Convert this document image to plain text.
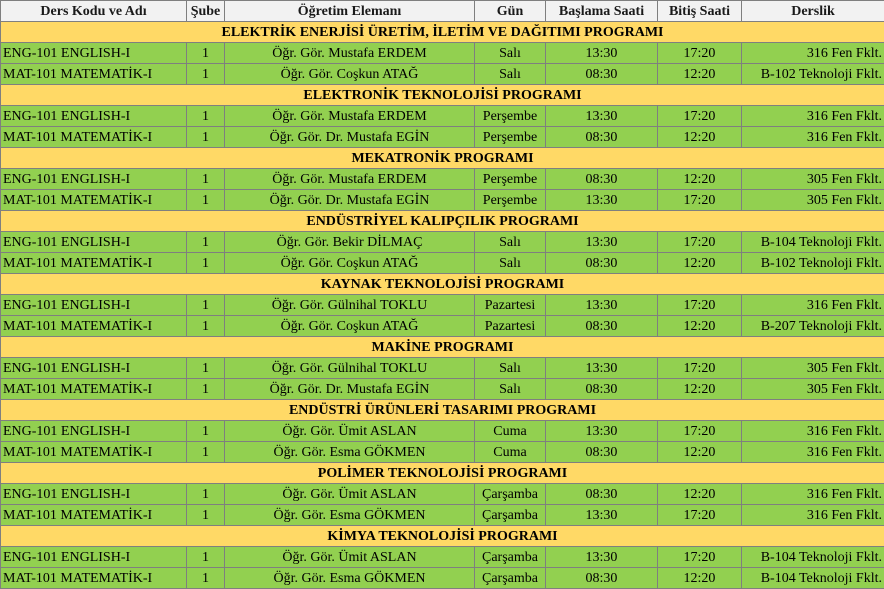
Ders Kodu ve Adı	Şube	Öğretim Elemanı	Gün	Başlama Saati	Bitiş Saati	Derslik
ELEKTRİK ENERJİSİ ÜRETİM, İLETİM VE DAĞITIMI PROGRAMI						
ENG-101 ENGLISH-I	1	Öğr. Gör. Mustafa ERDEM	Salı	13:30	17:20	316 Fen Fklt.
MAT-101 MATEMATİK-I	1	Öğr. Gör. Coşkun ATAĞ	Salı	08:30	12:20	B-102 Teknoloji Fklt.
ELEKTRONİK TEKNOLOJİSİ PROGRAMI						
ENG-101 ENGLISH-I	1	Öğr. Gör. Mustafa ERDEM	Perşembe	13:30	17:20	316 Fen Fklt.
MAT-101 MATEMATİK-I	1	Öğr. Gör. Dr. Mustafa EGİN	Perşembe	08:30	12:20	316 Fen Fklt.
MEKATRONİK PROGRAMI						
ENG-101 ENGLISH-I	1	Öğr. Gör. Mustafa ERDEM	Perşembe	08:30	12:20	305 Fen Fklt.
MAT-101 MATEMATİK-I	1	Öğr. Gör. Dr. Mustafa EGİN	Perşembe	13:30	17:20	305 Fen Fklt.
ENDÜSTRİYEL KALIPÇILIK PROGRAMI						
ENG-101 ENGLISH-I	1	Öğr. Gör. Bekir DİLMAÇ	Salı	13:30	17:20	B-104 Teknoloji Fklt.
MAT-101 MATEMATİK-I	1	Öğr. Gör. Coşkun ATAĞ	Salı	08:30	12:20	B-102 Teknoloji Fklt.
KAYNAK TEKNOLOJİSİ PROGRAMI						
ENG-101 ENGLISH-I	1	Öğr. Gör. Gülnihal TOKLU	Pazartesi	13:30	17:20	316 Fen Fklt.
MAT-101 MATEMATİK-I	1	Öğr. Gör. Coşkun ATAĞ	Pazartesi	08:30	12:20	B-207 Teknoloji Fklt.
MAKİNE PROGRAMI						
ENG-101 ENGLISH-I	1	Öğr. Gör. Gülnihal TOKLU	Salı	13:30	17:20	305 Fen Fklt.
MAT-101 MATEMATİK-I	1	Öğr. Gör. Dr. Mustafa EGİN	Salı	08:30	12:20	305 Fen Fklt.
ENDÜSTRİ ÜRÜNLERİ TASARIMI PROGRAMI						
ENG-101 ENGLISH-I	1	Öğr. Gör. Ümit ASLAN	Cuma	13:30	17:20	316 Fen Fklt.
MAT-101 MATEMATİK-I	1	Öğr. Gör. Esma GÖKMEN	Cuma	08:30	12:20	316 Fen Fklt.
POLİMER TEKNOLOJİSİ PROGRAMI						
ENG-101 ENGLISH-I	1	Öğr. Gör. Ümit ASLAN	Çarşamba	08:30	12:20	316 Fen Fklt.
MAT-101 MATEMATİK-I	1	Öğr. Gör. Esma GÖKMEN	Çarşamba	13:30	17:20	316 Fen Fklt.
KİMYA TEKNOLOJİSİ PROGRAMI						
ENG-101 ENGLISH-I	1	Öğr. Gör. Ümit ASLAN	Çarşamba	13:30	17:20	B-104 Teknoloji Fklt.
MAT-101 MATEMATİK-I	1	Öğr. Gör. Esma GÖKMEN	Çarşamba	08:30	12:20	B-104 Teknoloji Fklt.
